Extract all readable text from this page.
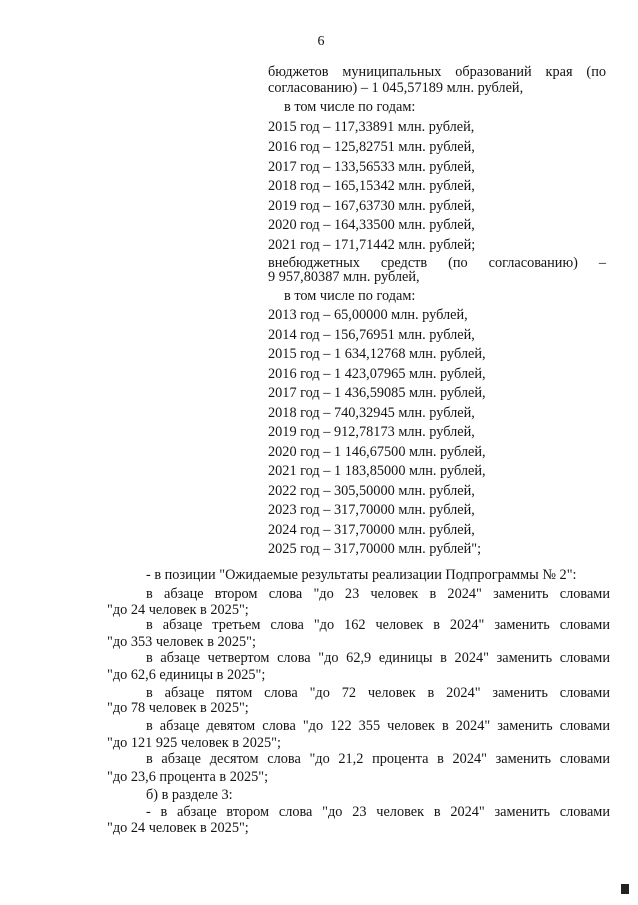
6
бюджетов муниципальных образований края (по
согласованию) – 1 045,57189 млн. рублей,
в том числе по годам:
2015 год – 117,33891 млн. рублей,
2016 год – 125,82751 млн. рублей,
2017 год – 133,56533 млн. рублей,
2018 год – 165,15342 млн. рублей,
2019 год – 167,63730 млн. рублей,
2020 год – 164,33500 млн. рублей,
2021 год – 171,71442 млн. рублей;
внебюджетных средств (по согласованию) –
9 957,80387 млн. рублей,
в том числе по годам:
2013 год – 65,00000 млн. рублей,
2014 год – 156,76951 млн. рублей,
2015 год – 1 634,12768 млн. рублей,
2016 год – 1 423,07965 млн. рублей,
2017 год – 1 436,59085 млн. рублей,
2018 год – 740,32945 млн. рублей,
2019 год – 912,78173 млн. рублей,
2020 год – 1 146,67500 млн. рублей,
2021 год – 1 183,85000 млн. рублей,
2022 год – 305,50000 млн. рублей,
2023 год – 317,70000 млн. рублей,
2024 год – 317,70000 млн. рублей,
2025 год – 317,70000 млн. рублей";
- в позиции "Ожидаемые результаты реализации Подпрограммы № 2":
в абзаце втором слова "до 23 человек в 2024" заменить словами
"до 24 человек в 2025";
в абзаце третьем слова "до 162 человек в 2024" заменить словами
"до 353 человек в 2025";
в абзаце четвертом слова "до 62,9 единицы в 2024" заменить словами
"до 62,6 единицы в 2025";
в абзаце пятом слова "до 72 человек в 2024" заменить словами
"до 78 человек в 2025";
в абзаце девятом слова "до 122 355 человек в 2024" заменить словами
"до 121 925 человек в 2025";
в абзаце десятом слова "до 21,2 процента в 2024" заменить словами
"до 23,6 процента в 2025";
б) в разделе 3:
- в абзаце втором слова "до 23 человек в 2024" заменить словами
"до 24 человек в 2025";
